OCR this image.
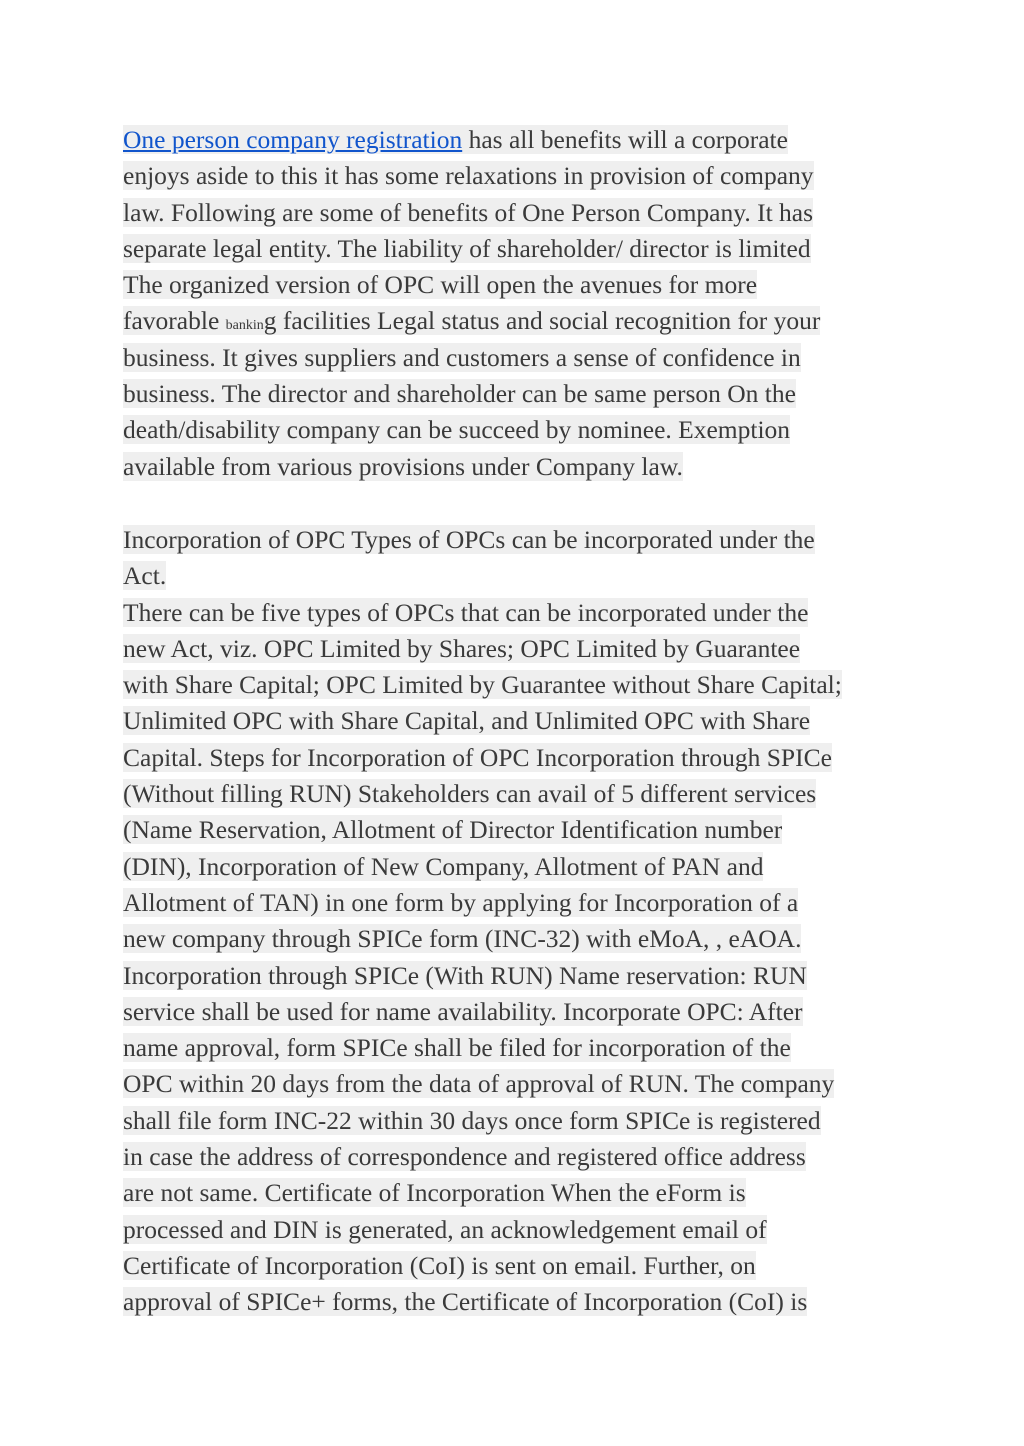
One person company registration has all benefits will a corporate
enjoys aside to this it has some relaxations in provision of company
law. Following are some of benefits of One Person Company. It has
separate legal entity. The liability of shareholder/ director is limited
The organized version of OPC will open the avenues for more
favorable banking facilities Legal status and social recognition for your
business. It gives suppliers and customers a sense of confidence in
business. The director and shareholder can be same person On the
death/disability company can be succeed by nominee. Exemption
available from various provisions under Company law.
Incorporation of OPC Types of OPCs can be incorporated under the
Act.
There can be five types of OPCs that can be incorporated under the
new Act, viz. OPC Limited by Shares; OPC Limited by Guarantee
with Share Capital; OPC Limited by Guarantee without Share Capital;
Unlimited OPC with Share Capital, and Unlimited OPC with Share
Capital. Steps for Incorporation of OPC Incorporation through SPICe
(Without filling RUN) Stakeholders can avail of 5 different services
(Name Reservation, Allotment of Director Identification number
(DIN), Incorporation of New Company, Allotment of PAN and
Allotment of TAN) in one form by applying for Incorporation of a
new company through SPICe form (INC-32) with eMoA, , eAOA.
Incorporation through SPICe (With RUN) Name reservation: RUN
service shall be used for name availability. Incorporate OPC: After
name approval, form SPICe shall be filed for incorporation of the
OPC within 20 days from the data of approval of RUN. The company
shall file form INC-22 within 30 days once form SPICe is registered
in case the address of correspondence and registered office address
are not same. Certificate of Incorporation When the eForm is
processed and DIN is generated, an acknowledgement email of
Certificate of Incorporation (CoI) is sent on email. Further, on
approval of SPICe+ forms, the Certificate of Incorporation (CoI) is
